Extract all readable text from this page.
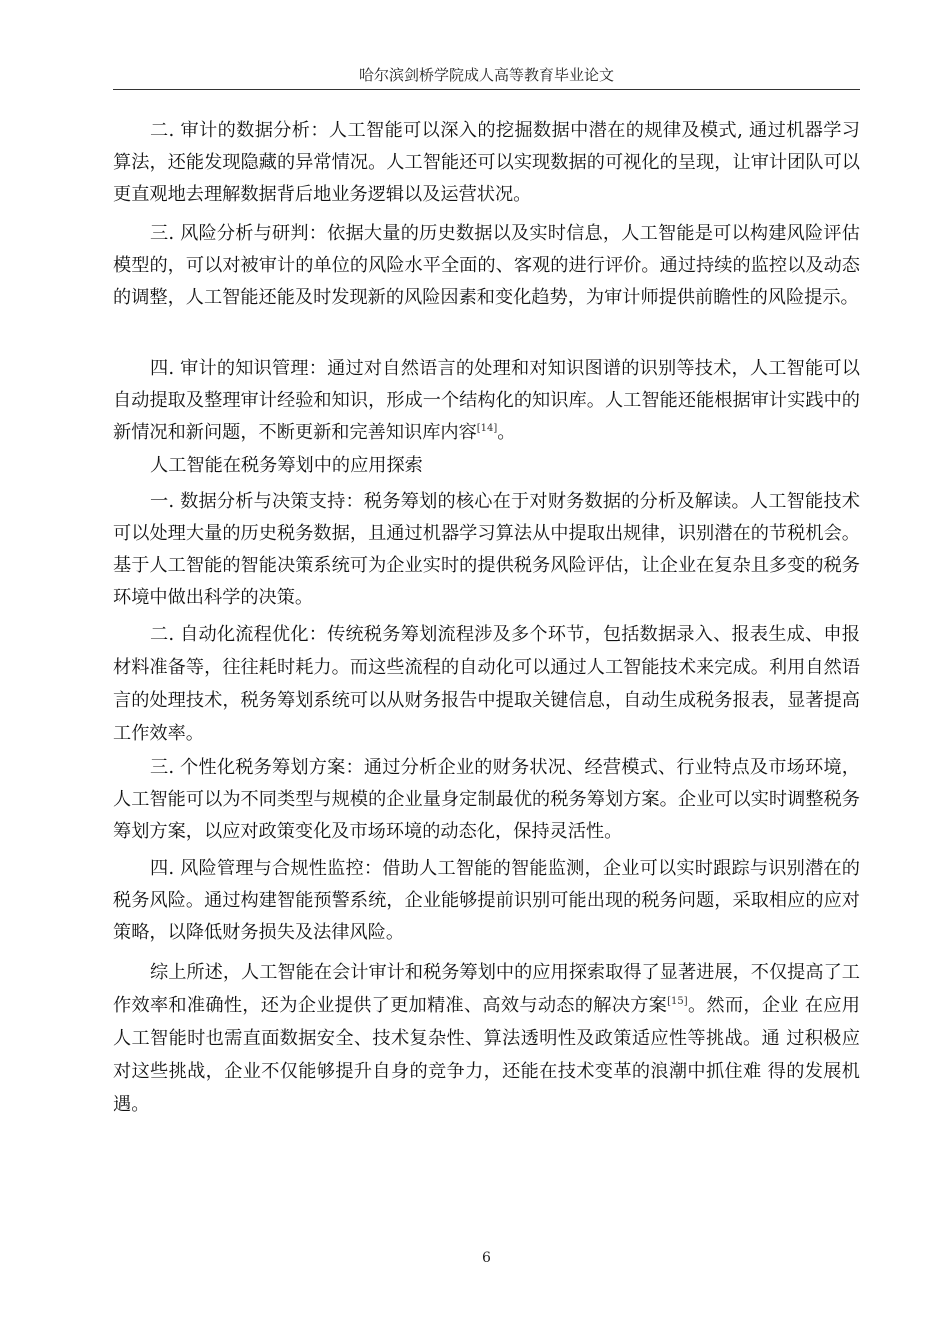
哈尔滨剑桥学院成人高等教育毕业论文

二. 审计的数据分析：人工智能可以深入的挖掘数据中潜在的规律及模式, 通过机器学习算法，还能发现隐藏的异常情况。人工智能还可以实现数据的可视化的呈现，让审计团队可以更直观地去理解数据背后地业务逻辑以及运营状况。

三. 风险分析与研判：依据大量的历史数据以及实时信息，人工智能是可以构建风险评估模型的，可以对被审计的单位的风险水平全面的、客观的进行评价。通过持续的监控以及动态的调整，人工智能还能及时发现新的风险因素和变化趋势，为审计师提供前瞻性的风险提示。

四. 审计的知识管理：通过对自然语言的处理和对知识图谱的识别等技术，人工智能可以自动提取及整理审计经验和知识，形成一个结构化的知识库。人工智能还能根据审计实践中的新情况和新问题，不断更新和完善知识库内容[14]。

人工智能在税务筹划中的应用探索

一. 数据分析与决策支持：税务筹划的核心在于对财务数据的分析及解读。人工智能技术可以处理大量的历史税务数据，且通过机器学习算法从中提取出规律，识别潜在的节税机会。基于人工智能的智能决策系统可为企业实时的提供税务风险评估，让企业在复杂且多变的税务环境中做出科学的决策。

二. 自动化流程优化：传统税务筹划流程涉及多个环节，包括数据录入、报表生成、申报材料准备等，往往耗时耗力。而这些流程的自动化可以通过人工智能技术来完成。利用自然语言的处理技术，税务筹划系统可以从财务报告中提取关键信息，自动生成税务报表，显著提高工作效率。

三. 个性化税务筹划方案：通过分析企业的财务状况、经营模式、行业特点及市场环境，人工智能可以为不同类型与规模的企业量身定制最优的税务筹划方案。企业可以实时调整税务筹划方案，以应对政策变化及市场环境的动态化，保持灵活性。

四. 风险管理与合规性监控：借助人工智能的智能监测，企业可以实时跟踪与识别潜在的税务风险。通过构建智能预警系统，企业能够提前识别可能出现的税务问题，采取相应的应对策略，以降低财务损失及法律风险。

综上所述，人工智能在会计审计和税务筹划中的应用探索取得了显著进展，不仅提高了工作效率和准确性，还为企业提供了更加精准、高效与动态的解决方案[15]。然而，企业 在应用人工智能时也需直面数据安全、技术复杂性、算法透明性及政策适应性等挑战。通 过积极应对这些挑战，企业不仅能够提升自身的竞争力，还能在技术变革的浪潮中抓住难 得的发展机遇。

6
